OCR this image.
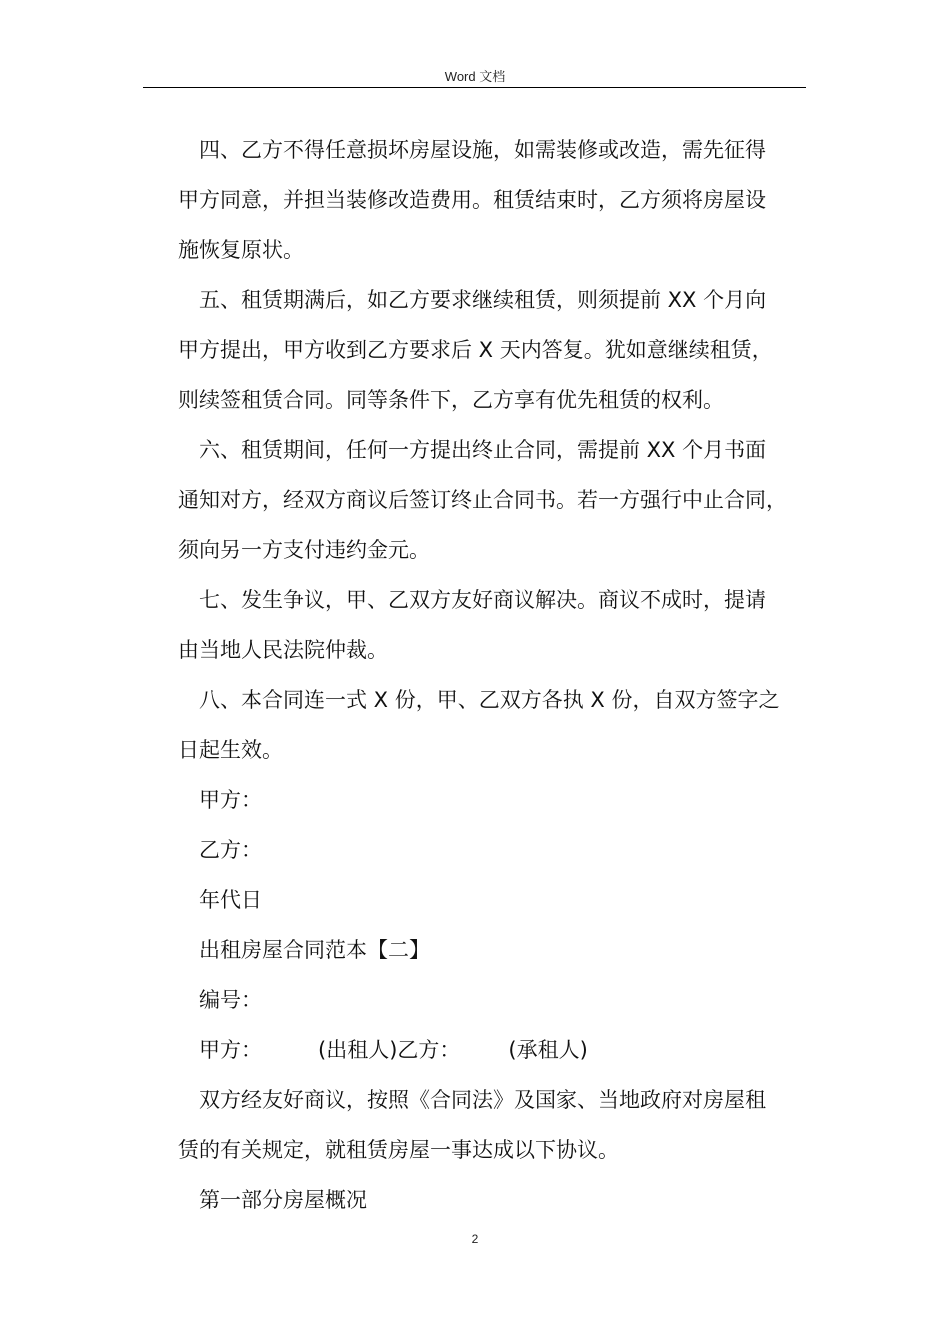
Word 文档

四、乙方不得任意损坏房屋设施，如需装修或改造，需先征得
甲方同意，并担当装修改造费用。租赁结束时，乙方须将房屋设
施恢复原状。

五、租赁期满后，如乙方要求继续租赁，则须提前 XX 个月向
甲方提出，甲方收到乙方要求后 X 天内答复。犹如意继续租赁，
则续签租赁合同。同等条件下，乙方享有优先租赁的权利。

六、租赁期间，任何一方提出终止合同，需提前 XX 个月书面
通知对方，经双方商议后签订终止合同书。若一方强行中止合同，
须向另一方支付违约金元。

七、发生争议，甲、乙双方友好商议解决。商议不成时，提请
由当地人民法院仲裁。

八、本合同连一式 X 份，甲、乙双方各执 X 份，自双方签字之
日起生效。

甲方：

乙方：

年代日

出租房屋合同范本【二】

编号：

甲方：	(出租人)乙方： (承租人)

双方经友好商议，按照《合同法》及国家、当地政府对房屋租
赁的有关规定，就租赁房屋一事达成以下协议。

第一部分房屋概况

2
